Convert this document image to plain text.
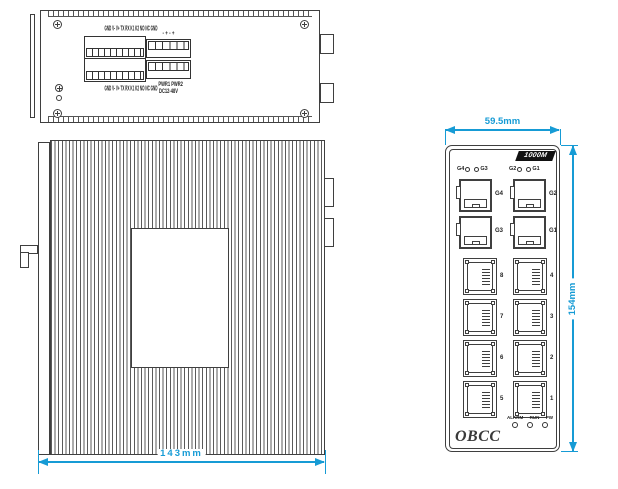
GND V- V+ TX RX K1 K2 NO NC GND
GND V- V+ TX RX K1 K2 NO NC GND
- + - +
PWR1 PWR2
DC12-48V
143mm
59.5mm
154mm
1000M
G4	G3	G2	G1
G4	G2
G3	G1
8
7
6
5
4
3
2
1
ALARM RUN PW
OBCC
